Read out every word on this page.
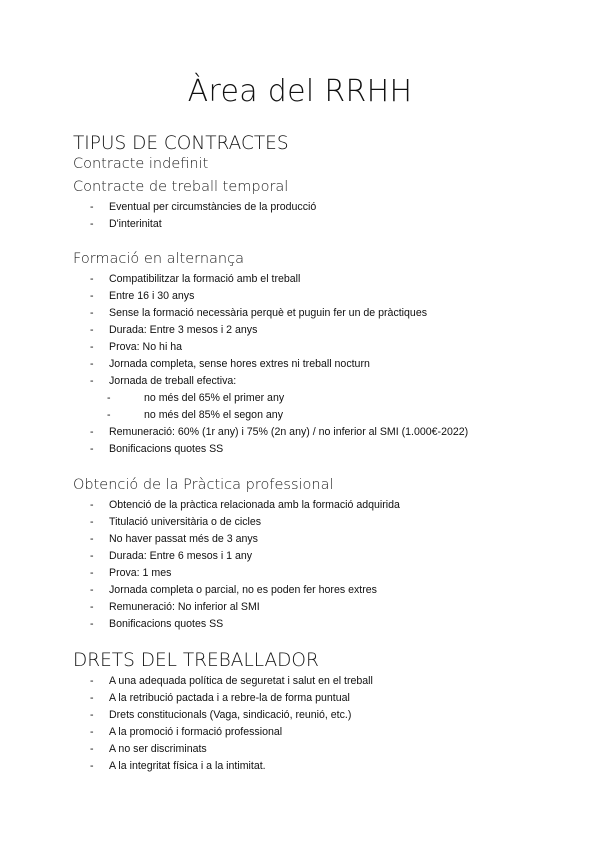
Àrea del RRHH
TIPUS DE CONTRACTES
Contracte indefinit
Contracte de treball temporal
- Eventual per circumstàncies de la producció
- D'interinitat
Formació en alternança
- Compatibilitzar la formació amb el treball
- Entre 16 i 30 anys
- Sense la formació necessària perquè et puguin fer un de pràctiques
- Durada: Entre 3 mesos i 2 anys
- Prova: No hi ha
- Jornada completa, sense hores extres ni treball nocturn
- Jornada de treball efectiva:
-	no més del 65% el primer any
-	no més del 85% el segon any
- Remuneració: 60% (1r any) i 75% (2n any) / no inferior al SMI (1.000€-2022)
- Bonificacions quotes SS
Obtenció de la Pràctica professional
- Obtenció de la pràctica relacionada amb la formació adquirida
- Titulació universitària o de cicles
- No haver passat més de 3 anys
- Durada: Entre 6 mesos i 1 any
- Prova: 1 mes
- Jornada completa o parcial, no es poden fer hores extres
- Remuneració: No inferior al SMI
- Bonificacions quotes SS
DRETS DEL TREBALLADOR
- A una adequada política de seguretat i salut en el treball
- A la retribució pactada i a rebre-la de forma puntual
- Drets constitucionals (Vaga, sindicació, reunió, etc.)
- A la promoció i formació professional
- A no ser discriminats
- A la integritat física i a la intimitat.
